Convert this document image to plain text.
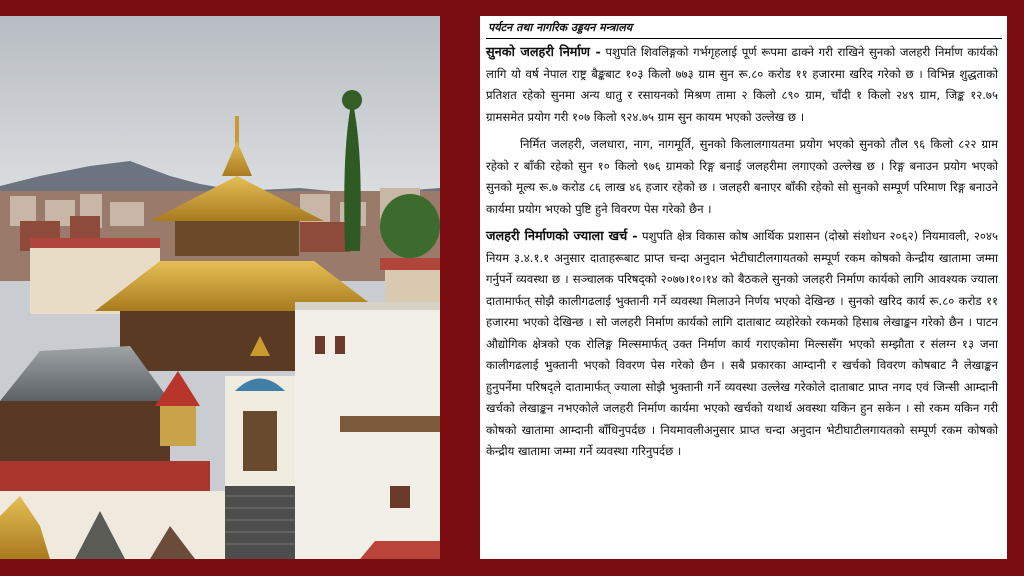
पर्यटन तथा नागरिक उड्डयन मन्त्रालय

सुनको जलहरी निर्माण - पशुपति शिवलिङ्गको गर्भगृहलाई पूर्ण रूपमा ढाक्ने गरी राखिने सुनको जलहरी निर्माण कार्यको लागि यो वर्ष नेपाल राष्ट्र बैङ्कबाट १०३ किलो ७७३ ग्राम सुन रू.८० करोड ११ हजारमा खरिद गरेको छ । विभिन्न शुद्धताको प्रतिशत रहेको सुनमा अन्य धातु र रसायनको मिश्रण तामा २ किलो ८९० ग्राम, चाँदी १ किलो २४९ ग्राम, जिङ्क १२.७५ ग्रामसमेत प्रयोग गरी १०७ किलो ९२४.७५ ग्राम सुन कायम भएको उल्लेख छ ।

निर्मित जलहरी, जलधारा, नाग, नागमूर्ति, सुनको किलालगायतमा प्रयोग भएको सुनको तौल ९६ किलो ८२२ ग्राम रहेको र बाँकी रहेको सुन १० किलो ९७६ ग्रामको रिङ्ग बनाई जलहरीमा लगाएको उल्लेख छ । रिङ्ग बनाउन प्रयोग भएको सुनको मूल्य रू.७ करोड ८६ लाख ४६ हजार रहेको छ । जलहरी बनाएर बाँकी रहेको सो सुनको सम्पूर्ण परिमाण रिङ्ग बनाउने कार्यमा प्रयोग भएको पुष्टि हुने विवरण पेस गरेको छैन ।

जलहरी निर्माणको ज्याला खर्च - पशुपति क्षेत्र विकास कोष आर्थिक प्रशासन (दोस्रो संशोधन २०६२) नियमावली, २०४५ नियम ३.४.१.१ अनुसार दाताहरूबाट प्राप्त चन्दा अनुदान भेटीघाटीलगायतको सम्पूर्ण रकम कोषको केन्द्रीय खातामा जम्मा गर्नुपर्ने व्यवस्था छ । सञ्चालक परिषद्को २०७७।१०।१४ को बैठकले सुनको जलहरी निर्माण कार्यको लागि आवश्यक ज्याला दातामार्फत् सोझै कालीगढलाई भुक्तानी गर्ने व्यवस्था मिलाउने निर्णय भएको देखिन्छ । सुनको खरिद कार्य रू.८० करोड ११ हजारमा भएको देखिन्छ । सो जलहरी निर्माण कार्यको लागि दाताबाट व्यहोरेको रकमको हिसाब लेखाङ्कन गरेको छैन । पाटन औद्योगिक क्षेत्रको एक रोलिङ्ग मिल्समार्फत् उक्त निर्माण कार्य गराएकोमा मिल्ससँग भएको सम्झौता र संलग्न १३ जना कालीगढलाई भुक्तानी भएको विवरण पेस गरेको छैन । सबै प्रकारका आम्दानी र खर्चको विवरण कोषबाट नै लेखाङ्कन हुनुपर्नेमा परिषद्ले दातामार्फत् ज्याला सोझै भुक्तानी गर्ने व्यवस्था उल्लेख गरेकोले दाताबाट प्राप्त नगद एवं जिन्सी आम्दानी खर्चको लेखाङ्कन नभएकोले जलहरी निर्माण कार्यमा भएको खर्चको यथार्थ अवस्था यकिन हुन सकेन । सो रकम यकिन गरी कोषको खातामा आम्दानी बाँधिनुपर्दछ । नियमावलीअनुसार प्राप्त चन्दा अनुदान भेटीघाटीलगायतको सम्पूर्ण रकम कोषको केन्द्रीय खातामा जम्मा गर्ने व्यवस्था गरिनुपर्दछ ।
